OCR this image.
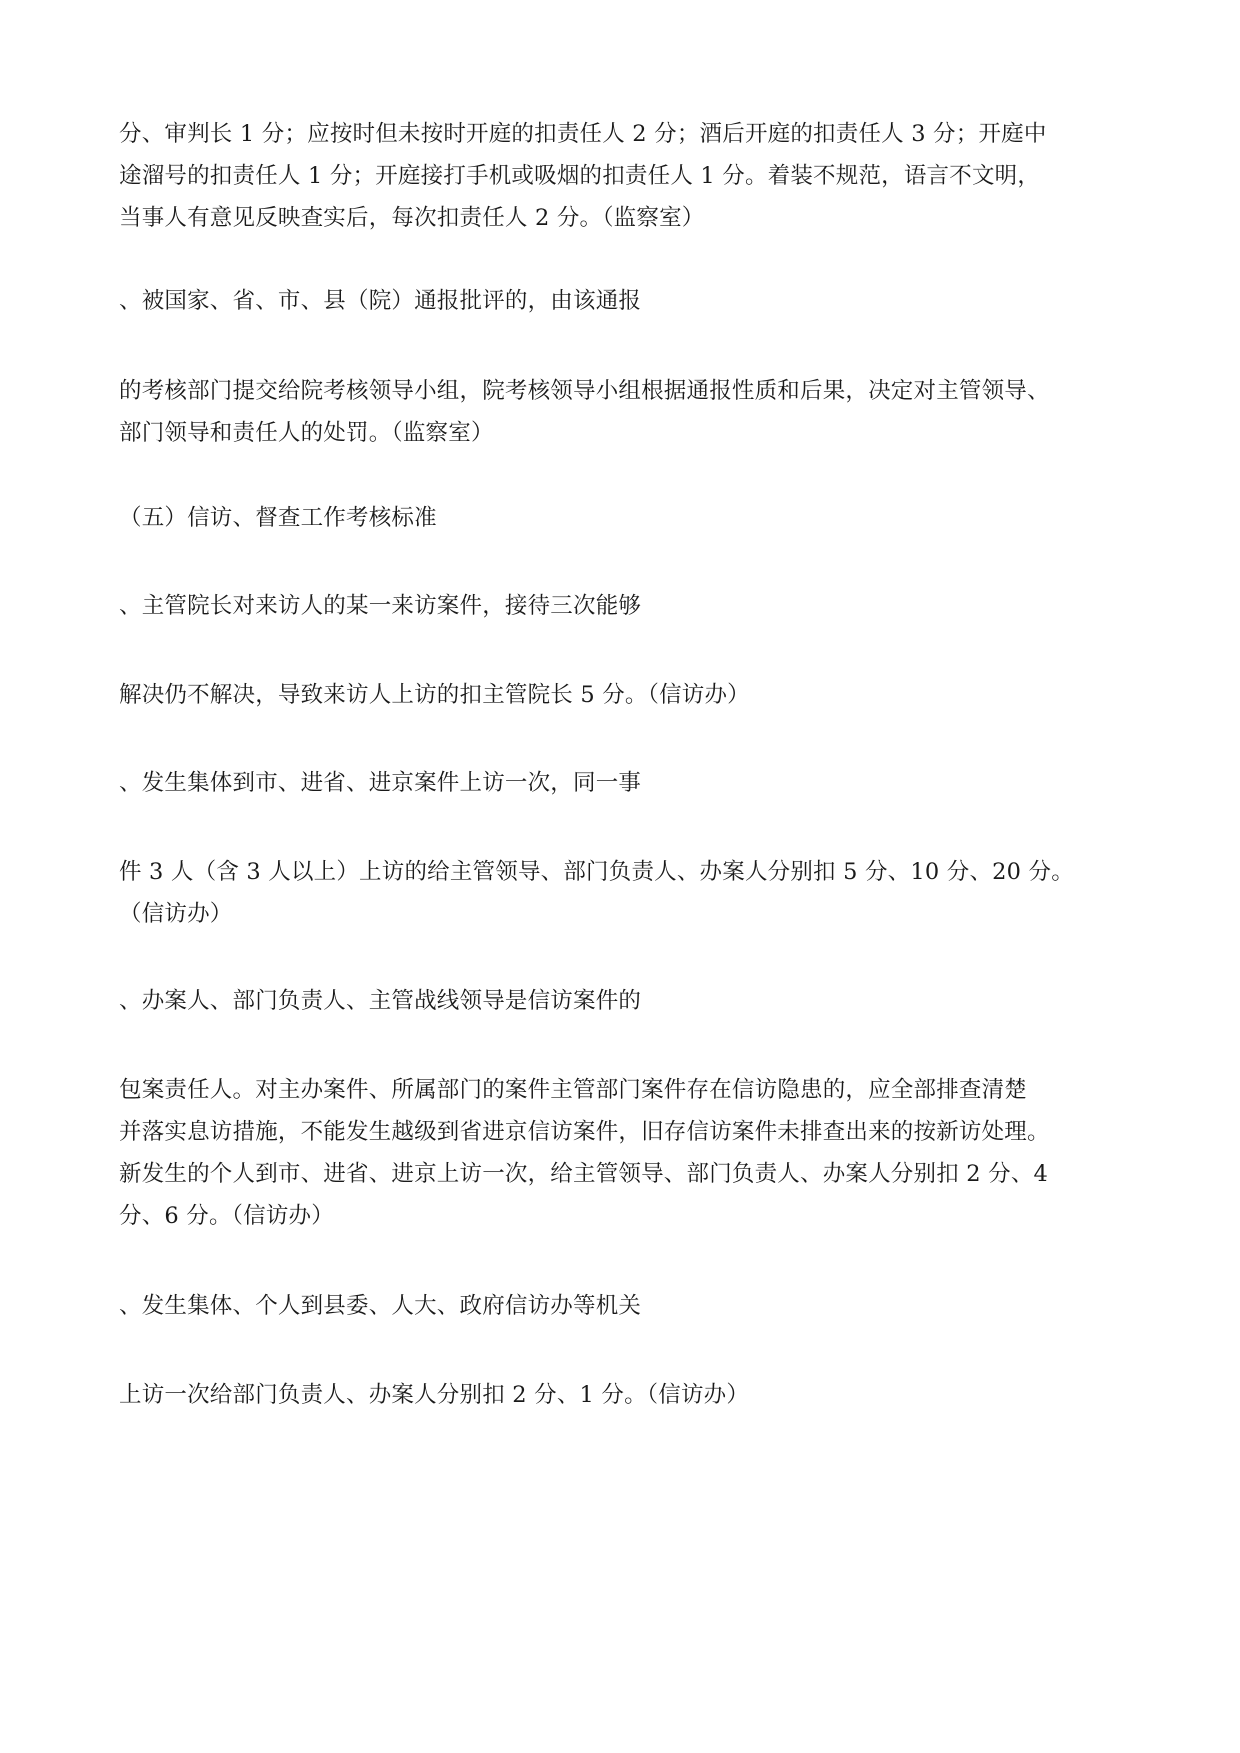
分、审判长 1 分；应按时但未按时开庭的扣责任人 2 分；酒后开庭的扣责任人 3 分；开庭中
途溜号的扣责任人 1 分；开庭接打手机或吸烟的扣责任人 1 分。着装不规范，语言不文明，
当事人有意见反映查实后，每次扣责任人 2 分。（监察室）

、被国家、省、市、县（院）通报批评的，由该通报

的考核部门提交给院考核领导小组，院考核领导小组根据通报性质和后果，决定对主管领导、
部门领导和责任人的处罚。（监察室）

（五）信访、督查工作考核标准

、主管院长对来访人的某一来访案件，接待三次能够

解决仍不解决，导致来访人上访的扣主管院长 5 分。（信访办）

、发生集体到市、进省、进京案件上访一次，同一事

件 3 人（含 3 人以上）上访的给主管领导、部门负责人、办案人分别扣 5 分、10 分、20 分。
（信访办）

、办案人、部门负责人、主管战线领导是信访案件的

包案责任人。对主办案件、所属部门的案件主管部门案件存在信访隐患的，应全部排查清楚
并落实息访措施，不能发生越级到省进京信访案件，旧存信访案件未排查出来的按新访处理。
新发生的个人到市、进省、进京上访一次，给主管领导、部门负责人、办案人分别扣 2 分、4
分、6 分。（信访办）

、发生集体、个人到县委、人大、政府信访办等机关

上访一次给部门负责人、办案人分别扣 2 分、1 分。（信访办）
